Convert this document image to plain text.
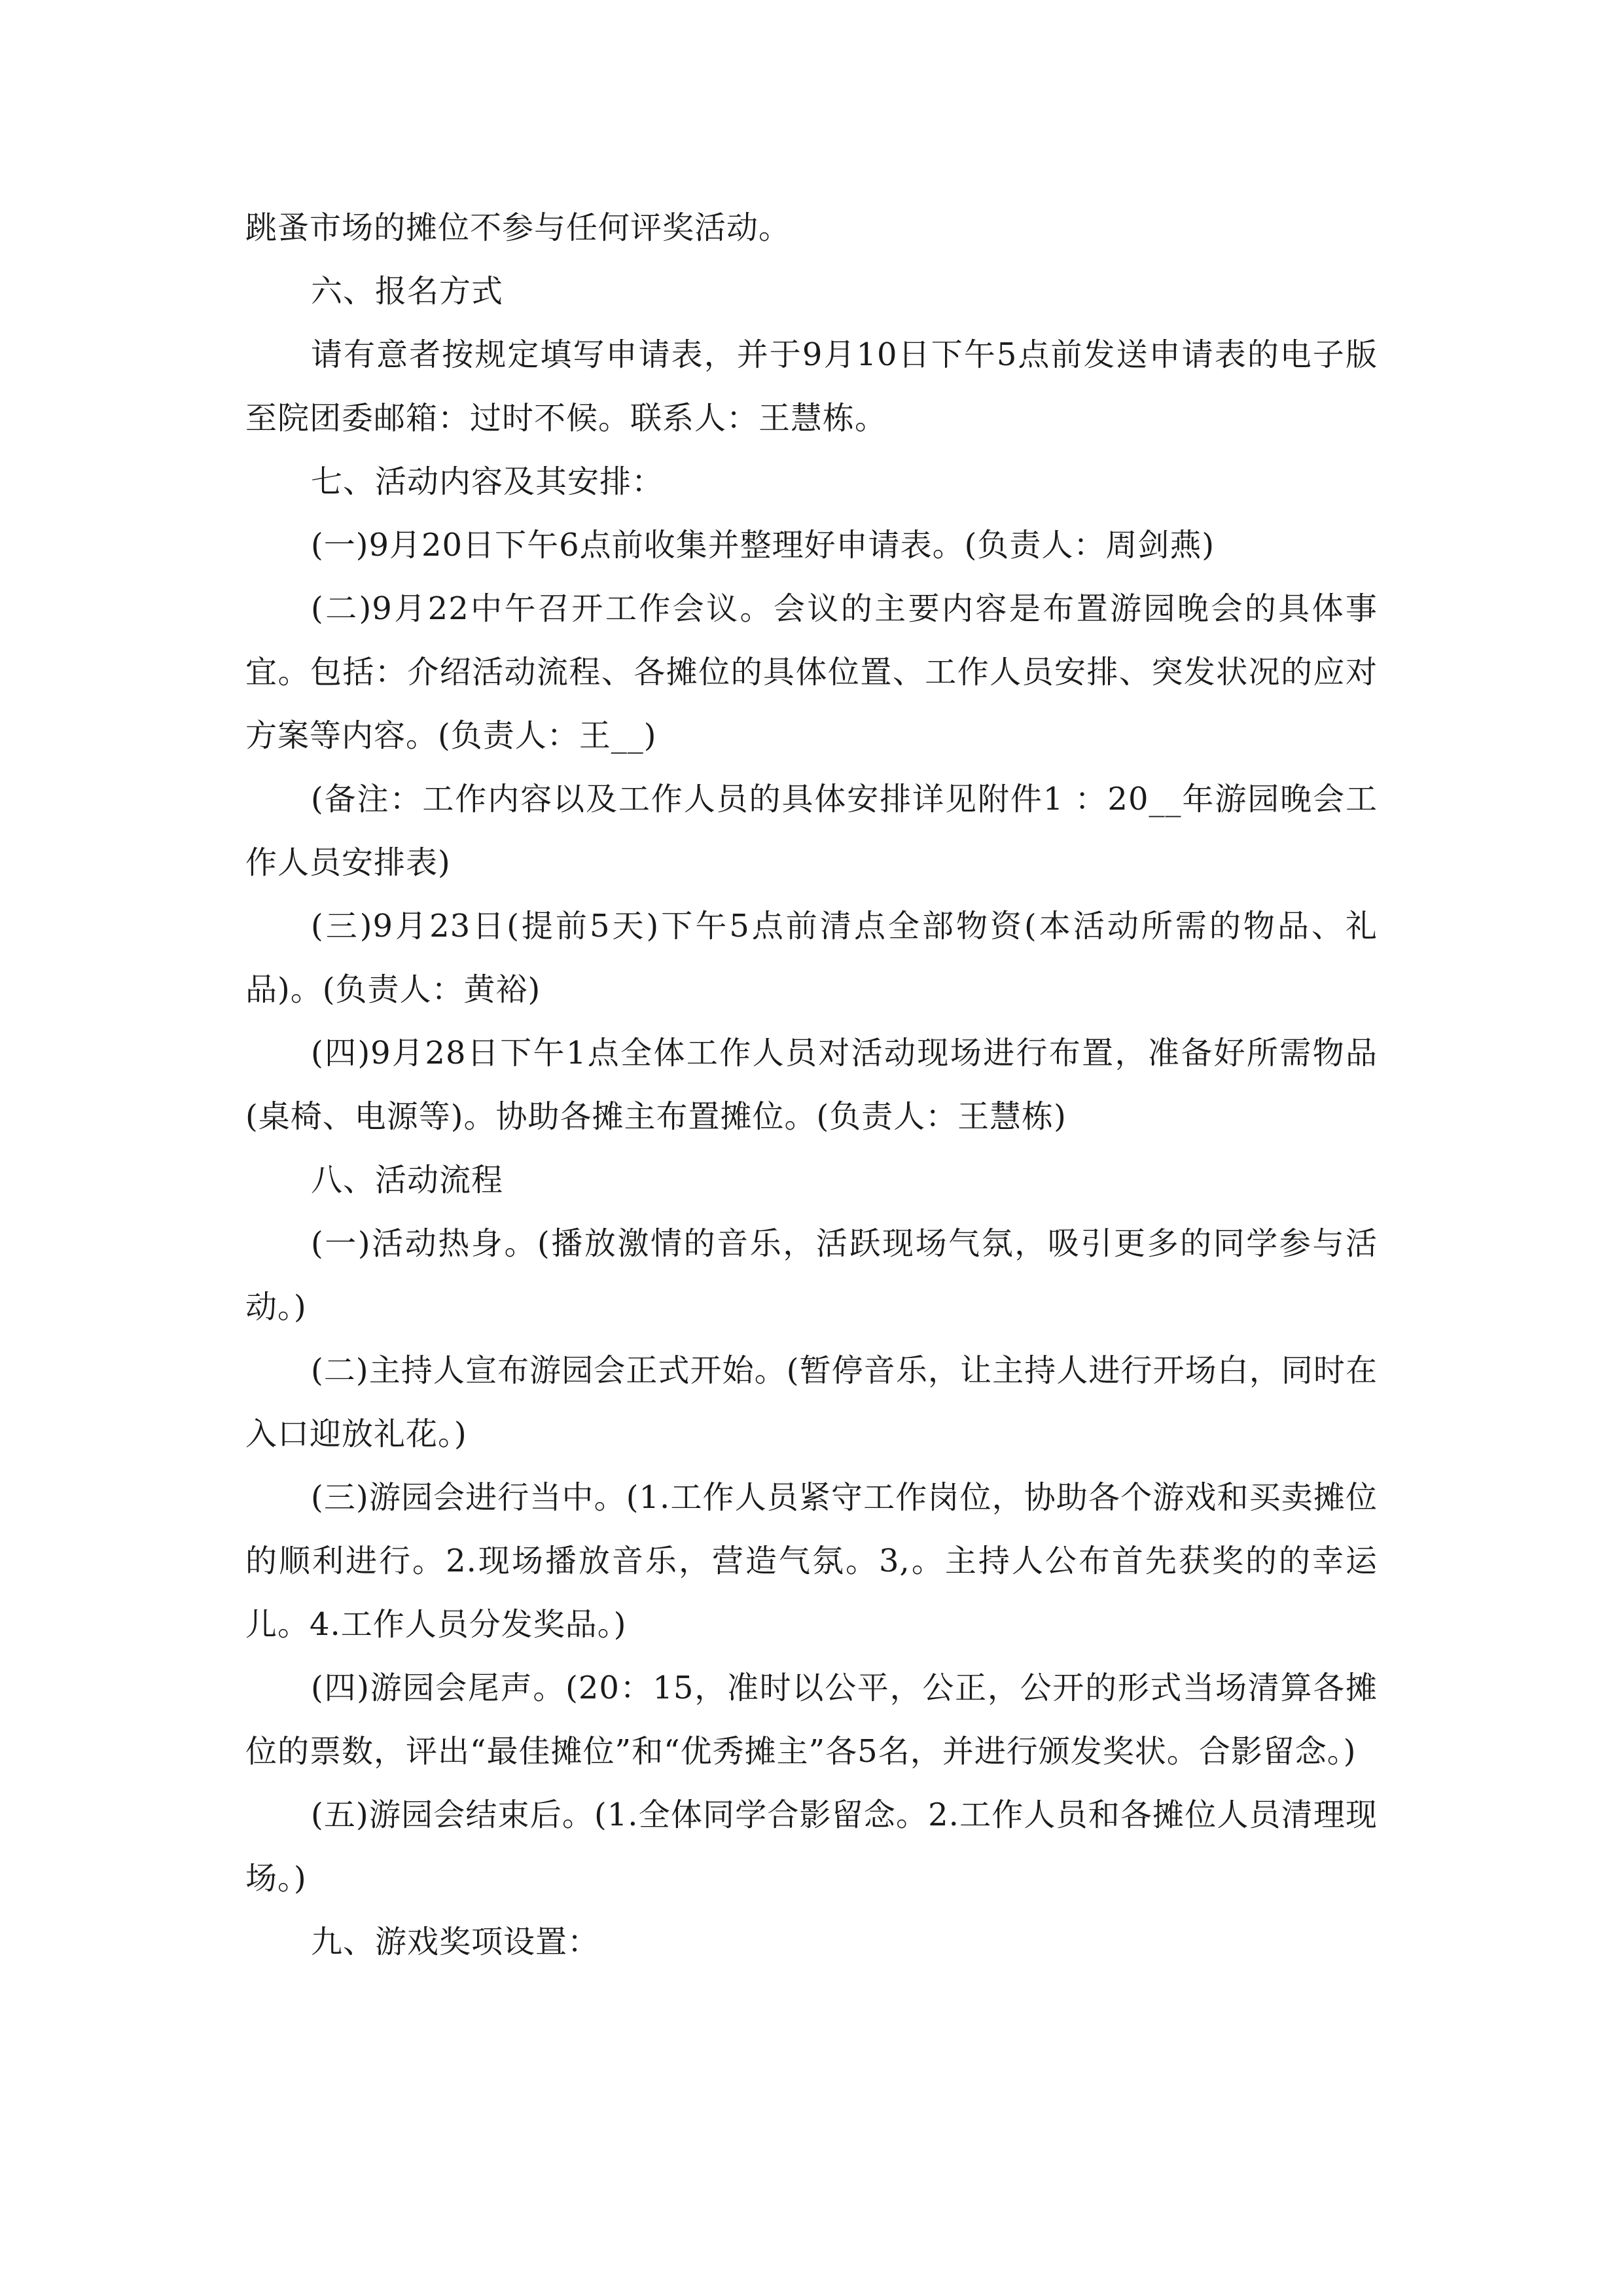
跳蚤市场的摊位不参与任何评奖活动。

六、报名方式

请有意者按规定填写申请表，并于9月10日下午5点前发送申请表的电子版至院团委邮箱：过时不候。联系人：王慧栋。

七、活动内容及其安排：

(一)9月20日下午6点前收集并整理好申请表。(负责人：周剑燕)

(二)9月22中午召开工作会议。会议的主要内容是布置游园晚会的具体事宜。包括：介绍活动流程、各摊位的具体位置、工作人员安排、突发状况的应对方案等内容。(负责人：王__)

(备注：工作内容以及工作人员的具体安排详见附件1 ：20__年游园晚会工作人员安排表)

(三)9月23日(提前5天)下午5点前清点全部物资(本活动所需的物品、礼品)。(负责人：黄裕)

(四)9月28日下午1点全体工作人员对活动现场进行布置，准备好所需物品(桌椅、电源等)。协助各摊主布置摊位。(负责人：王慧栋)

八、活动流程

(一)活动热身。(播放激情的音乐，活跃现场气氛，吸引更多的同学参与活动。)

(二)主持人宣布游园会正式开始。(暂停音乐，让主持人进行开场白，同时在入口迎放礼花。)

(三)游园会进行当中。(1.工作人员紧守工作岗位，协助各个游戏和买卖摊位的顺利进行。2.现场播放音乐，营造气氛。3,。主持人公布首先获奖的的幸运儿。4.工作人员分发奖品。)

(四)游园会尾声。(20：15，准时以公平，公正，公开的形式当场清算各摊位的票数，评出“最佳摊位”和“优秀摊主”各5名，并进行颁发奖状。合影留念。)

(五)游园会结束后。(1.全体同学合影留念。2.工作人员和各摊位人员清理现场。)

九、游戏奖项设置：
